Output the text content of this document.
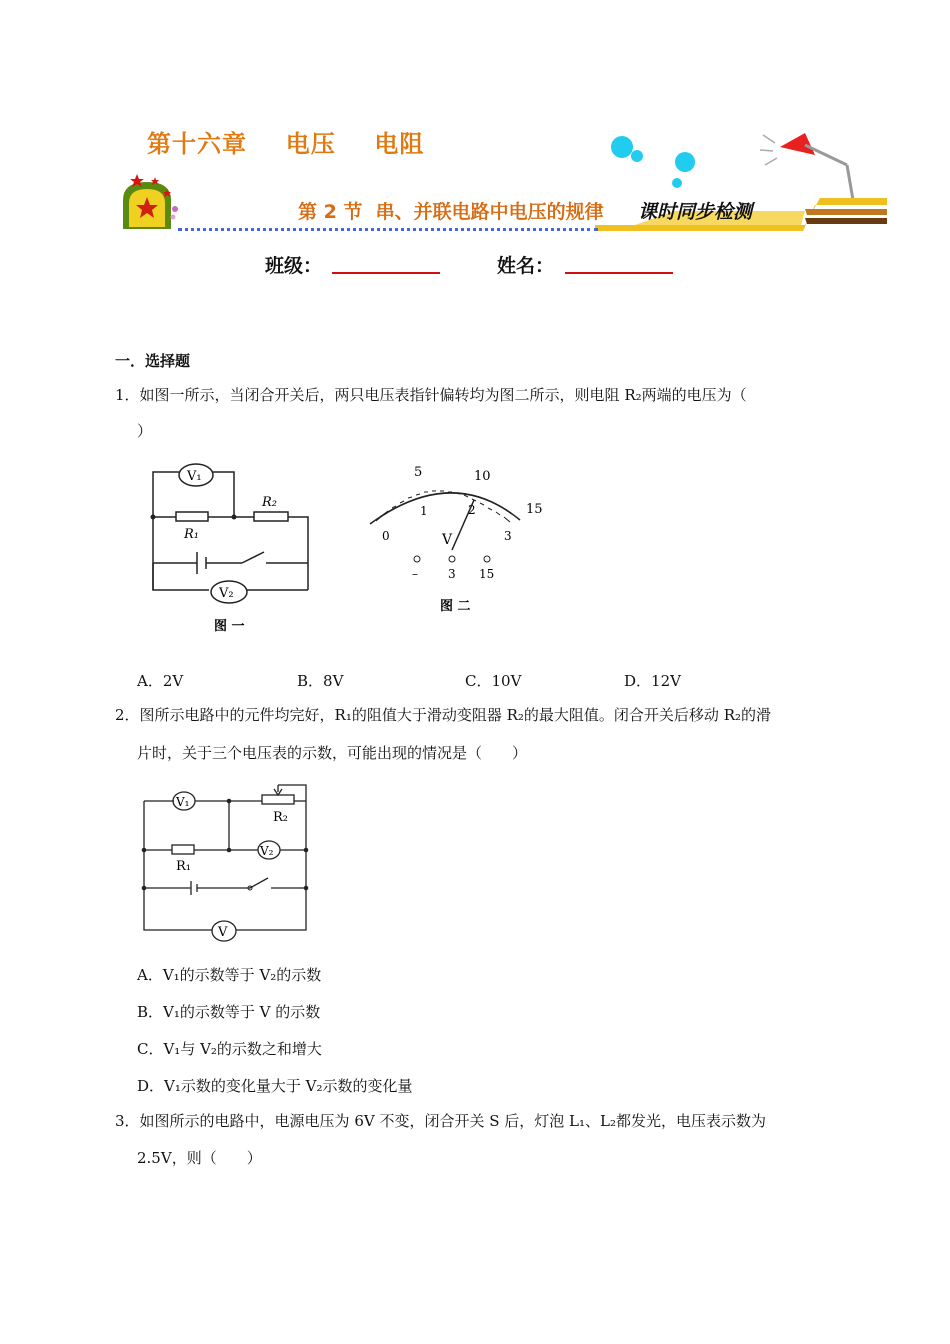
第十六章  电压  电阻
第 2 节  串、并联电路中电压的规律 课时同步检测
班级：	姓名：
一．选择题
1．如图一所示，当闭合开关后，两只电压表指针偏转均为图二所示，则电阻 R₂两端的电压为（
）
V₁
R₁
R₂
V₂
图 一
5	10
15
0
1	2
3
V
–	3 15
图 二
A．2V	B．8V	C．10V	D．12V
2．图所示电路中的元件均完好，R₁的阻值大于滑动变阻器 R₂的最大阻值。闭合开关后移动 R₂的滑
片时，关于三个电压表的示数，可能出现的情况是（　　）
V₁
R₂
R₁
V₂
V
A．V₁的示数等于 V₂的示数
B．V₁的示数等于 V 的示数
C．V₁与 V₂的示数之和增大
D．V₁示数的变化量大于 V₂示数的变化量
3．如图所示的电路中，电源电压为 6V 不变，闭合开关 S 后，灯泡 L₁、L₂都发光，电压表示数为
2.5V，则（　　）
